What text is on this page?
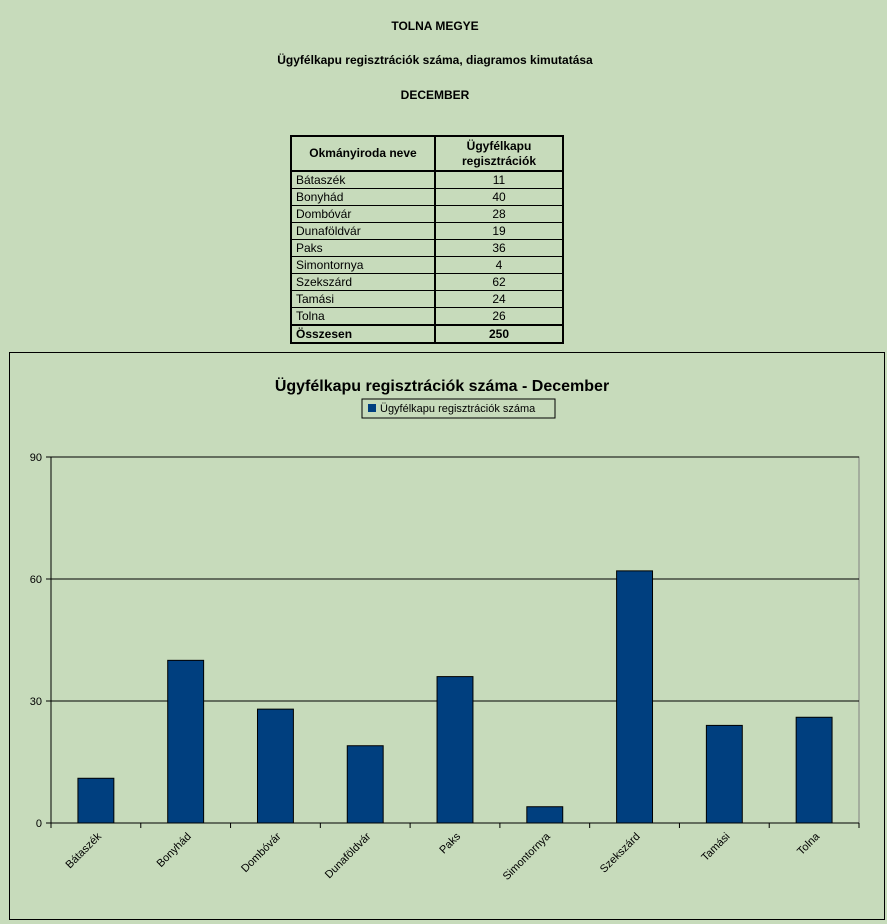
TOLNA MEGYE
Ügyfélkapu regisztrációk száma, diagramos kimutatása
DECEMBER
Okmányiroda neve	Ügyfélkapu regisztrációk
Bátaszék	11
Bonyhád	40
Dombóvár	28
Dunaföldvár	19
Paks	36
Simontornya	4
Szekszárd	62
Tamási	24
Tolna	26
Összesen	250
Ügyfélkapu regisztrációk száma - December
Ügyfélkapu regisztrációk száma
0
30
60
90
Bátaszék	Bonyhád	Dombóvár	Dunaföldvár	Paks	Simontornya	Szekszárd	Tamási	Tolna
